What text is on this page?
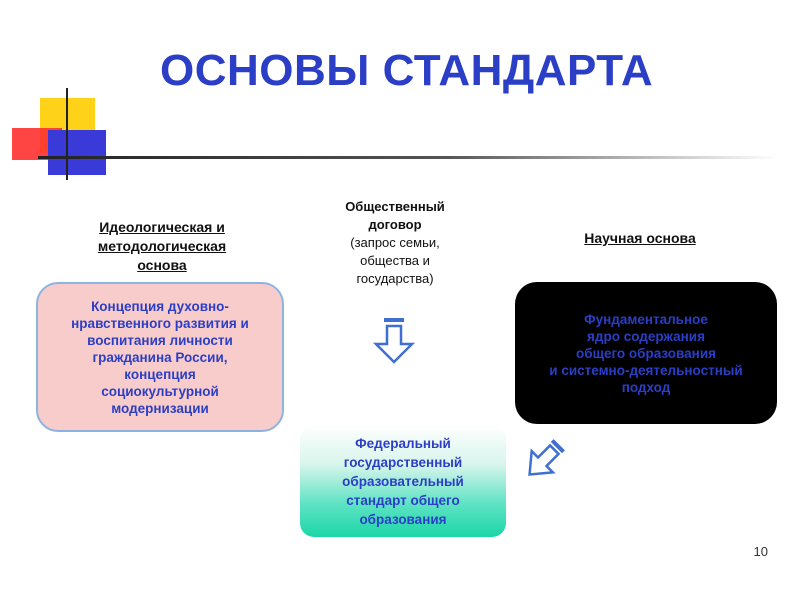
ОСНОВЫ СТАНДАРТА
Идеологическая и
методологическая
основа
Общественный
договор
(запрос семьи,
общества и
государства)
Научная основа
Концепция духовно-
нравственного развития и
воспитания личности
гражданина России,
концепция
социокультурной
модернизации
Фундаментальное
ядро содержания
общего образования
и системно-деятельностный
подход
Федеральный
государственный
образовательный
стандарт общего
образования
10
